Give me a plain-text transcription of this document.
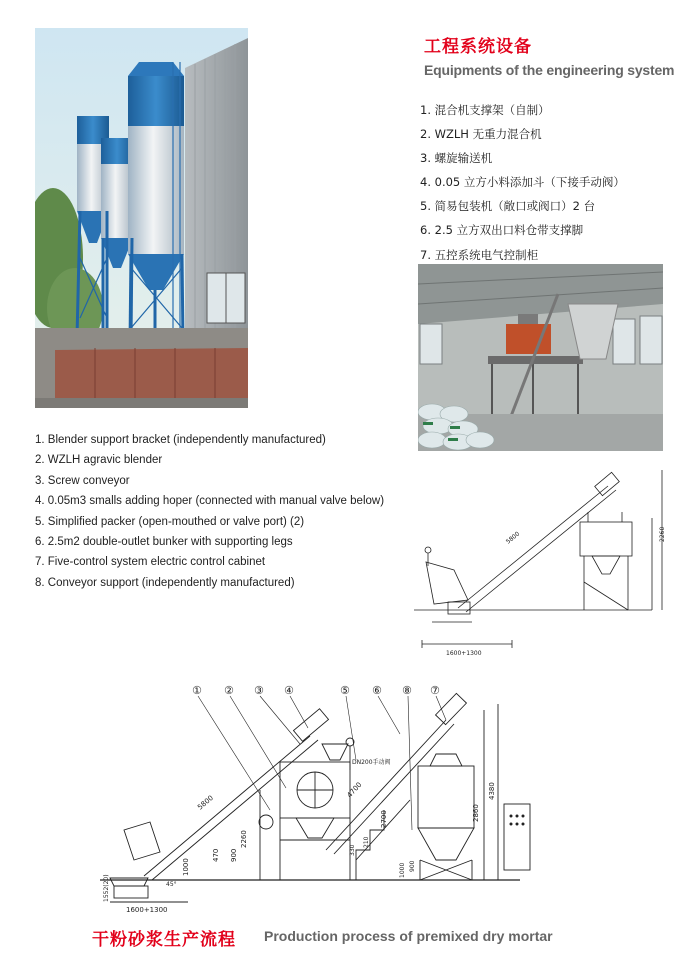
工程系统设备
Equipments of the engineering system
1. 混合机支撑架（自制）
2. WZLH 无重力混合机
3. 螺旋输送机
4. 0.05 立方小料添加斗（下接手动阀）
5. 简易包装机（敞口或阀口）2 台
6. 2.5 立方双出口料仓带支撑脚
7. 五控系统电气控制柜
1. Blender support bracket (independently manufactured)
2. WZLH agravic blender
3. Screw conveyor
4. 0.05m3 smalls adding hoper (connected with manual valve below)
5. Simplified packer (open-mouthed or valve port) (2)
6. 2.5m2 double-outlet bunker with supporting legs
7. Five-control system electric control cabinet
8. Conveyor support (independently manufactured)
1600+1300
5800	2260
① ② ③ ④	⑤ ⑥ ⑧ ⑦
1600+1300
45°
1552(20)
5800
1000
470
2260
900
DN200手动阀
330
210
2700
4700
2860
4380
900
1000
干粉砂浆生产流程 Production process of premixed dry mortar
